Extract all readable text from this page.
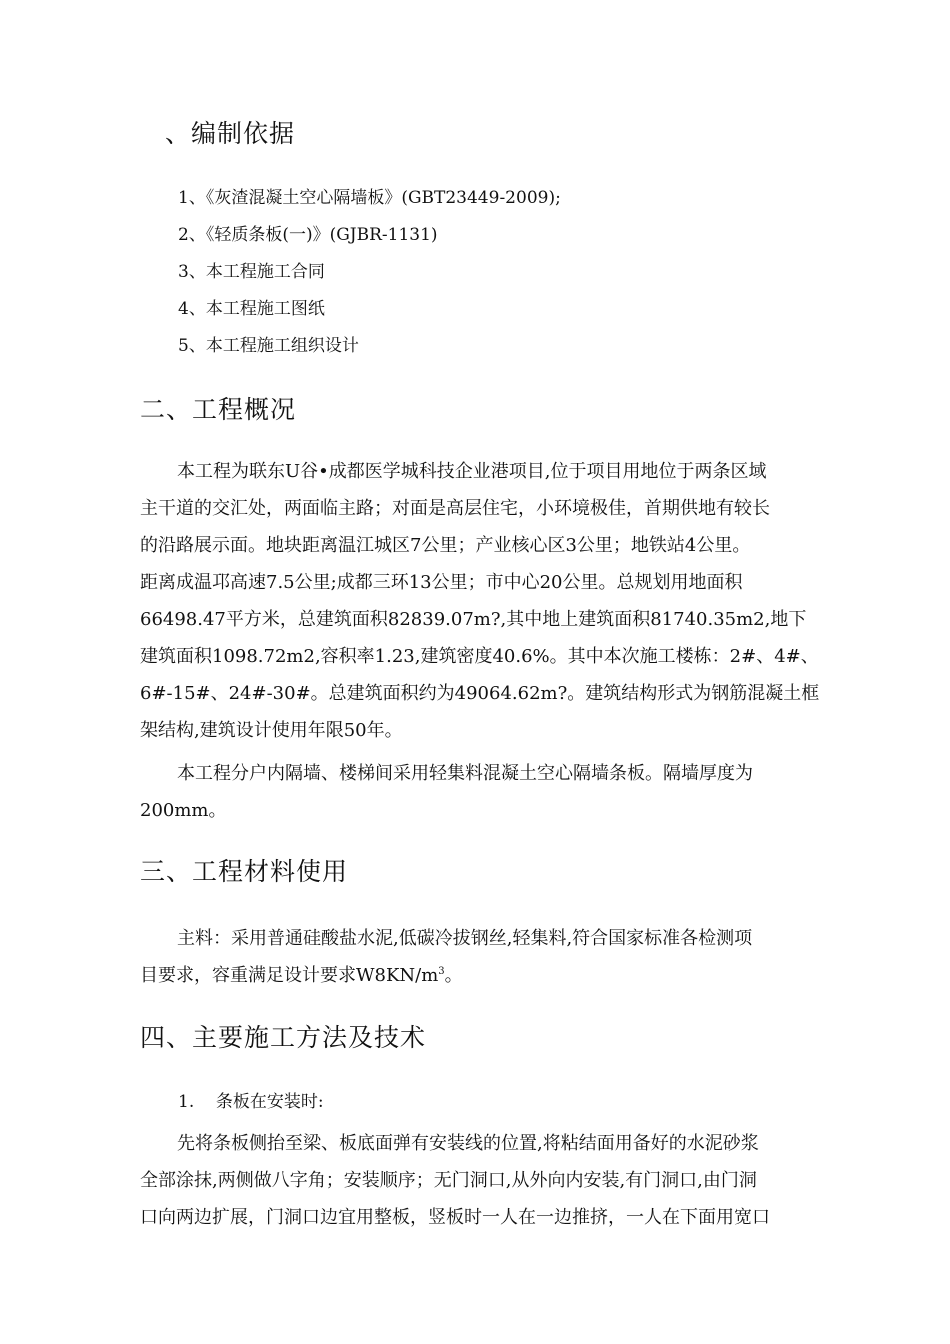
、编制依据
1、《灰渣混凝土空心隔墙板》(GBT23449-2009);
2、《轻质条板(一)》(GJBR-1131)
3、本工程施工合同
4、本工程施工图纸
5、本工程施工组织设计
二、工程概况
本工程为联东U谷•成都医学城科技企业港项目,位于项目用地位于两条区域
主干道的交汇处，两面临主路；对面是高层住宅，小环境极佳，首期供地有较长
的沿路展示面。地块距离温江城区7公里；产业核心区3公里；地铁站4公里。
距离成温邛高速7.5公里;成都三环13公里；市中心20公里。总规划用地面积
66498.47平方米，总建筑面积82839.07m?,其中地上建筑面积81740.35m2,地下
建筑面积1098.72m2,容积率1.23,建筑密度40.6%。其中本次施工楼栋：2#、4#、
6#-15#、24#-30#。总建筑面积约为49064.62m?。建筑结构形式为钢筋混凝土框
架结构,建筑设计使用年限50年。
本工程分户内隔墙、楼梯间采用轻集料混凝土空心隔墙条板。隔墙厚度为
200mm。
三、工程材料使用
主料：采用普通硅酸盐水泥,低碳冷拔钢丝,轻集料,符合国家标准各检测项
目要求，容重满足设计要求$W8KN/m^3$。
四、主要施工方法及技术
1.    条板在安装时:
先将条板侧抬至梁、板底面弹有安装线的位置,将粘结面用备好的水泥砂浆
全部涂抹,两侧做八字角；安装顺序；无门洞口,从外向内安装,有门洞口,由门洞
口向两边扩展，门洞口边宜用整板，竖板时一人在一边推挤，一人在下面用宽口
